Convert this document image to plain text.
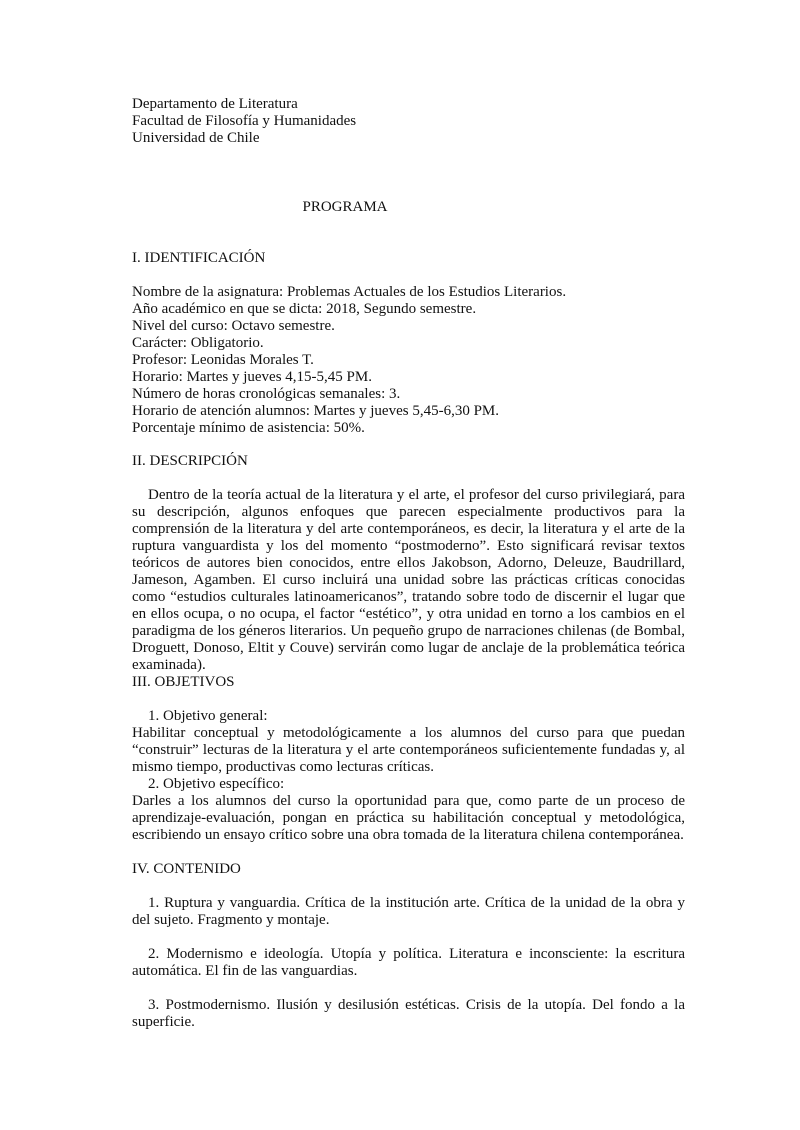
Departamento de Literatura
Facultad de Filosofía y Humanidades
Universidad de Chile
PROGRAMA
I. IDENTIFICACIÓN
Nombre de la asignatura: Problemas Actuales de los Estudios Literarios.
Año académico en que se dicta: 2018, Segundo semestre.
Nivel del curso: Octavo semestre.
Carácter: Obligatorio.
Profesor: Leonidas Morales T.
Horario: Martes y jueves 4,15-5,45 PM.
Número de horas cronológicas semanales: 3.
Horario de atención alumnos: Martes y jueves 5,45-6,30 PM.
Porcentaje mínimo de asistencia: 50%.
II. DESCRIPCIÓN

Dentro de la teoría actual de la literatura y el arte, el profesor del curso privilegiará, para su descripción, algunos enfoques que parecen especialmente productivos para la comprensión de la literatura y del arte contemporáneos, es decir, la literatura y el arte de la ruptura vanguardista y los del momento “postmoderno”. Esto significará revisar textos teóricos de autores bien conocidos, entre ellos Jakobson, Adorno, Deleuze, Baudrillard, Jameson, Agamben. El curso incluirá una unidad sobre las prácticas críticas conocidas como “estudios culturales latinoamericanos”, tratando sobre todo de discernir el lugar que en ellos ocupa, o no ocupa, el factor “estético”, y otra unidad en torno a los cambios en el paradigma de los géneros literarios. Un pequeño grupo de narraciones chilenas (de Bombal, Droguett, Donoso, Eltit y Couve) servirán como lugar de anclaje de la problemática teórica examinada).

III. OBJETIVOS
1. Objetivo general:

Habilitar conceptual y metodológicamente a los alumnos del curso para que puedan “construir” lecturas de la literatura y el arte contemporáneos suficientemente fundadas y, al mismo tiempo, productivas como lecturas críticas.

2. Objetivo específico:

Darles a los alumnos del curso la oportunidad para que, como parte de un proceso de aprendizaje-evaluación, pongan en práctica su habilitación conceptual y metodológica, escribiendo un ensayo crítico sobre una obra tomada de la literatura chilena contemporánea.

IV. CONTENIDO

1. Ruptura y vanguardia. Crítica de la institución arte. Crítica de la unidad de la obra y del sujeto. Fragmento y montaje.

2. Modernismo e ideología. Utopía y política. Literatura e inconsciente: la escritura automática. El fin de las vanguardias.

3. Postmodernismo. Ilusión y desilusión estéticas. Crisis de la utopía. Del fondo a la superficie.
